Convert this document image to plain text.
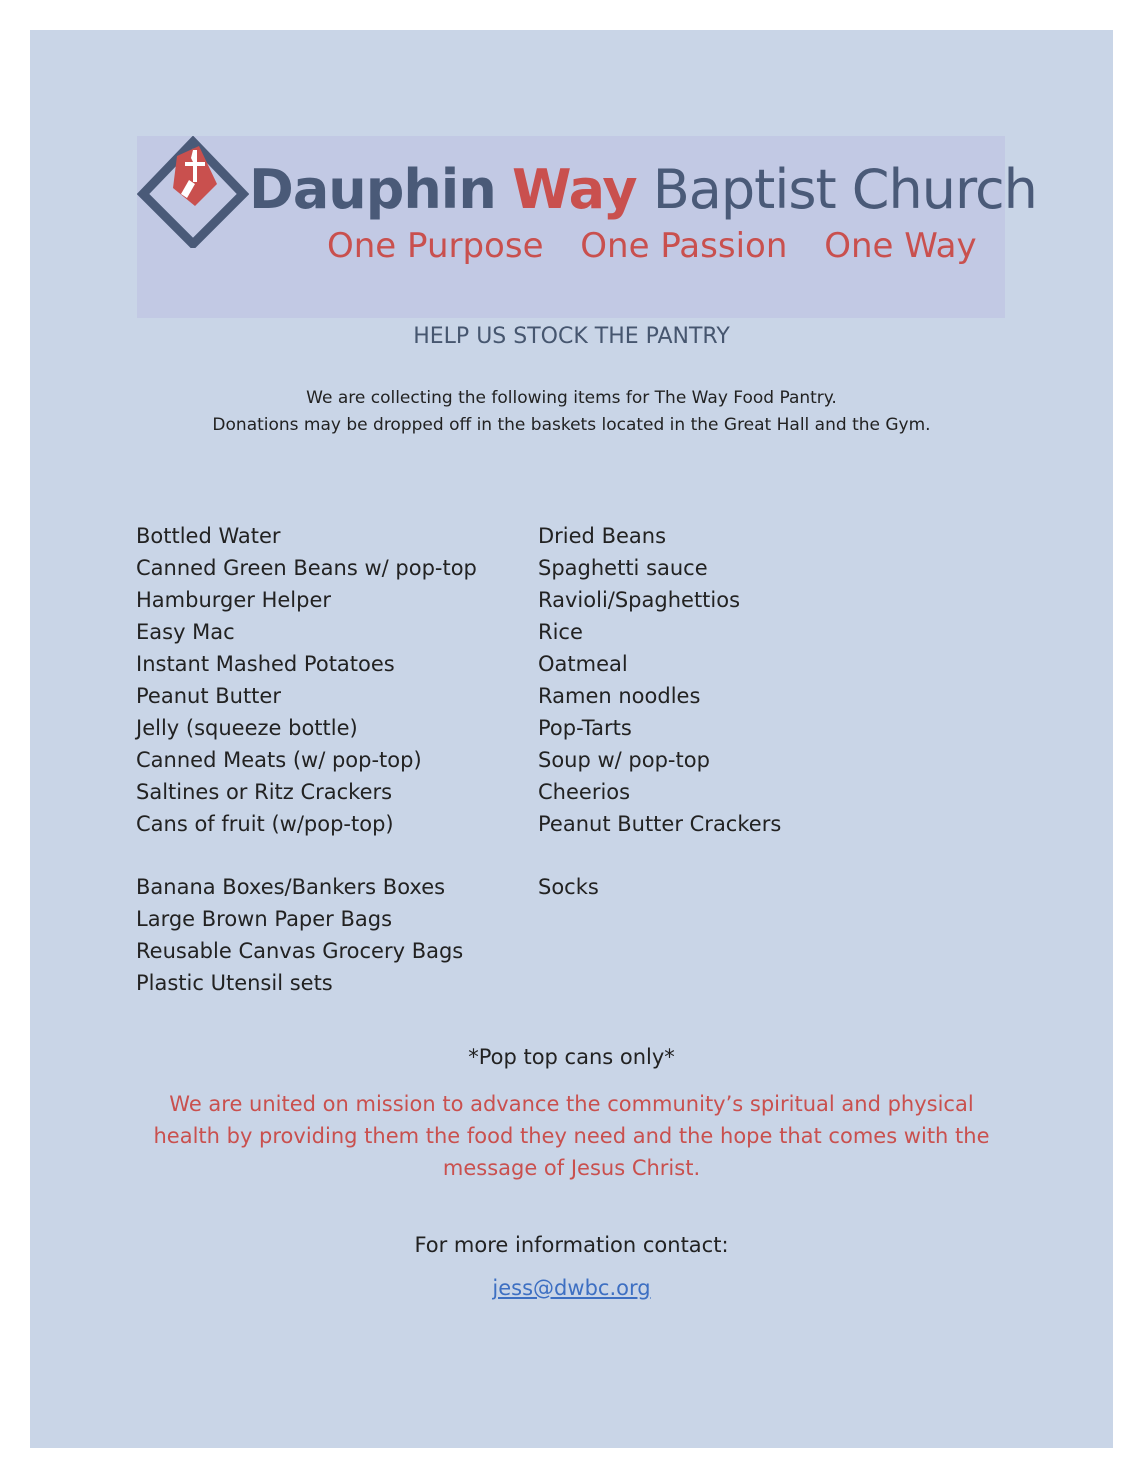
Dauphin Way Baptist Church
One Purpose One Passion One Way
HELP US STOCK THE PANTRY
We are collecting the following items for The Way Food Pantry.
Donations may be dropped off in the baskets located in the Great Hall and the Gym.
Bottled Water
Canned Green Beans w/ pop-top
Hamburger Helper
Easy Mac
Instant Mashed Potatoes
Peanut Butter
Jelly (squeeze bottle)
Canned Meats (w/ pop-top)
Saltines or Ritz Crackers
Cans of fruit (w/pop-top)
Banana Boxes/Bankers Boxes
Large Brown Paper Bags
Reusable Canvas Grocery Bags
Plastic Utensil sets
Dried Beans
Spaghetti sauce
Ravioli/Spaghettios
Rice
Oatmeal
Ramen noodles
Pop-Tarts
Soup w/ pop-top
Cheerios
Peanut Butter Crackers
Socks
*Pop top cans only*
We are united on mission to advance the community’s spiritual and physical health by providing them the food they need and the hope that comes with the message of Jesus Christ.
For more information contact:
jess@dwbc.org
